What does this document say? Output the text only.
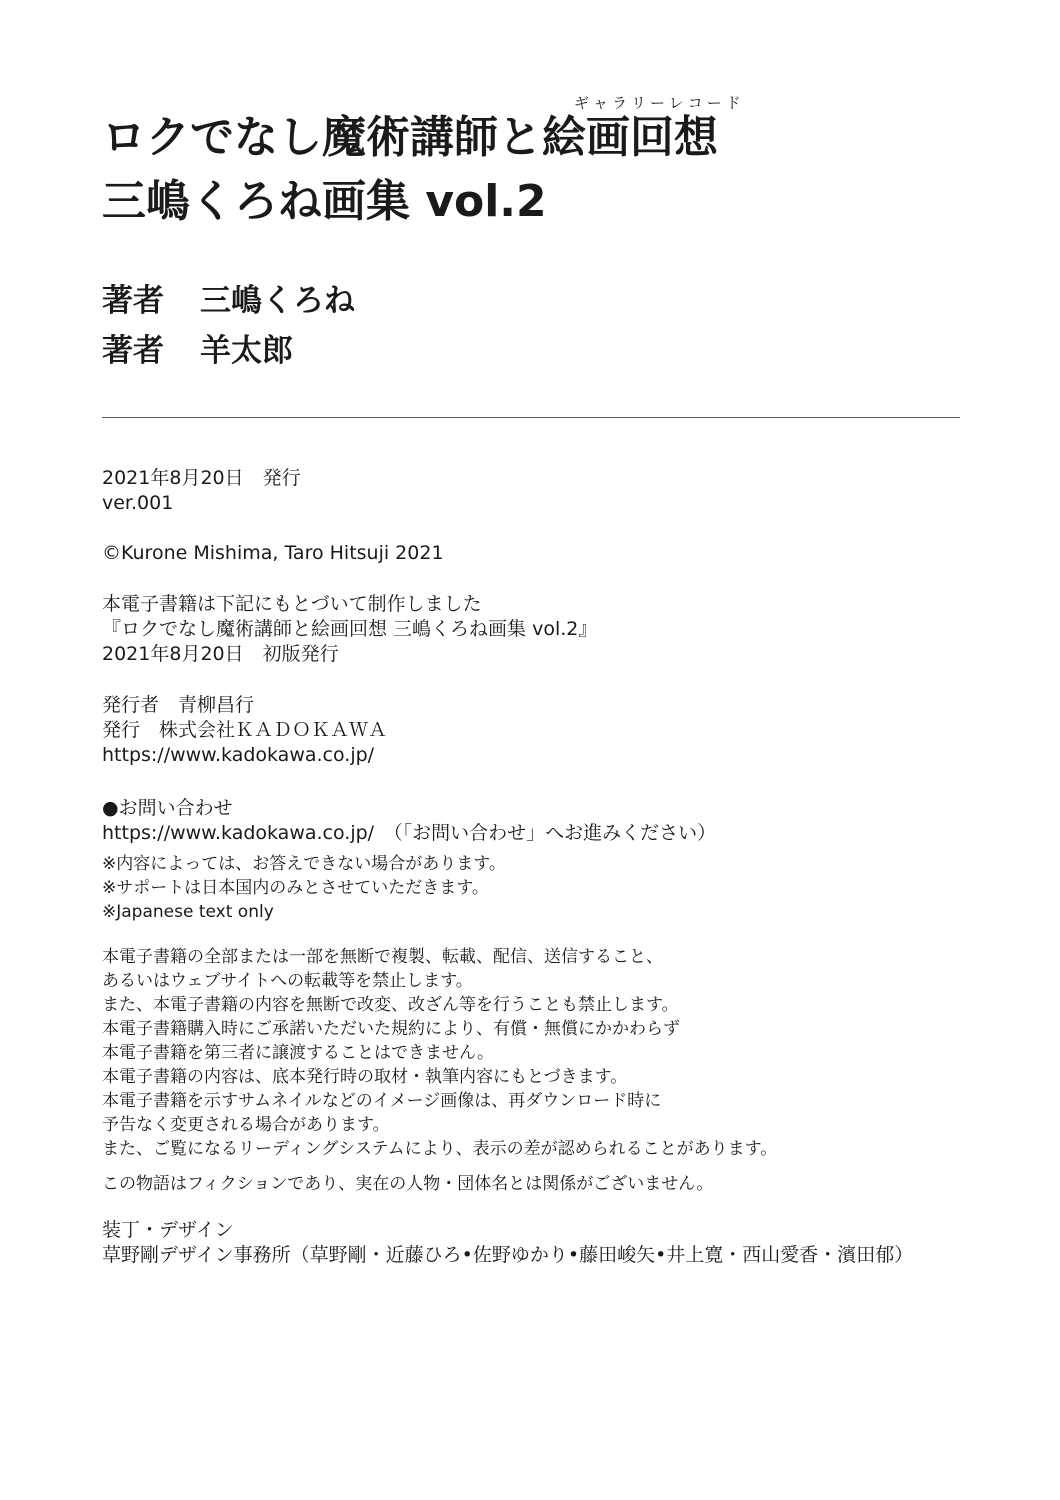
ギャラリーレコード
ロクでなし魔術講師と絵画回想
三嶋くろね画集 vol.2
著者 三嶋くろね
著者 羊太郎
2021年8月20日　発行
ver.001
©Kurone Mishima, Taro Hitsuji 2021
本電子書籍は下記にもとづいて制作しました
『ロクでなし魔術講師と絵画回想 三嶋くろね画集 vol.2』
2021年8月20日　初版発行
発行者　青柳昌行
発行　株式会社ＫＡＤＯＫＡＷＡ
https://www.kadokawa.co.jp/
●お問い合わせ
https://www.kadokawa.co.jp/　（「お問い合わせ」へお進みください）
※内容によっては、お答えできない場合があります。
※サポートは日本国内のみとさせていただきます。
※Japanese text only
本電子書籍の全部または一部を無断で複製、転載、配信、送信すること、
あるいはウェブサイトへの転載等を禁止します。
また、本電子書籍の内容を無断で改変、改ざん等を行うことも禁止します。
本電子書籍購入時にご承諾いただいた規約により、有償・無償にかかわらず
本電子書籍を第三者に譲渡することはできません。
本電子書籍の内容は、底本発行時の取材・執筆内容にもとづきます。
本電子書籍を示すサムネイルなどのイメージ画像は、再ダウンロード時に
予告なく変更される場合があります。
また、ご覧になるリーディングシステムにより、表示の差が認められることがあります。
この物語はフィクションであり、実在の人物・団体名とは関係がございません。
装丁・デザイン
草野剛デザイン事務所（草野剛・近藤ひろ•佐野ゆかり•藤田峻矢•井上寛・西山愛香・濱田郁）
